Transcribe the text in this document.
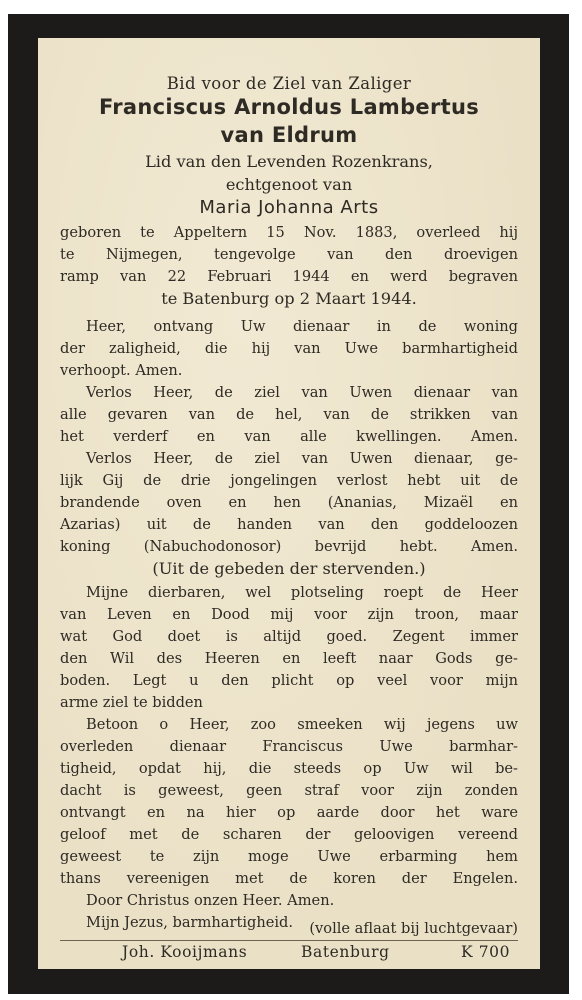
Bid voor de Ziel van Zaliger
Franciscus Arnoldus Lambertus
van Eldrum
Lid van den Levenden Rozenkrans,
echtgenoot van
Maria Johanna Arts
geboren te Appeltern 15 Nov. 1883, overleed hij
te Nijmegen, tengevolge van den droevigen
ramp van 22 Februari 1944 en werd begraven
te Batenburg op 2 Maart 1944.
Heer, ontvang Uw dienaar in de woning
der zaligheid, die hij van Uwe barmhartigheid
verhoopt. Amen.
Verlos Heer, de ziel van Uwen dienaar van
alle gevaren van de hel, van de strikken van
het verderf en van alle kwellingen. Amen.
Verlos Heer, de ziel van Uwen dienaar, ge-
lijk Gij de drie jongelingen verlost hebt uit de
brandende oven en hen (Ananias, Mizaël en
Azarias) uit de handen van den goddeloozen
koning (Nabuchodonosor) bevrijd hebt. Amen.
(Uit de gebeden der stervenden.)
Mijne dierbaren, wel plotseling roept de Heer
van Leven en Dood mij voor zijn troon, maar
wat God doet is altijd goed. Zegent immer
den Wil des Heeren en leeft naar Gods ge-
boden. Legt u den plicht op veel voor mijn
arme ziel te bidden
Betoon o Heer, zoo smeeken wij jegens uw
overleden dienaar Franciscus Uwe barmhar-
tigheid, opdat hij, die steeds op Uw wil be-
dacht is geweest, geen straf voor zijn zonden
ontvangt en na hier op aarde door het ware
geloof met de scharen der geloovigen vereend
geweest te zijn moge Uwe erbarming hem
thans vereenigen met de koren der Engelen.
Door Christus onzen Heer. Amen.
Mijn Jezus, barmhartigheid.	(volle aflaat bij luchtgevaar)
Joh. Kooijmans	Batenburg	K 700
